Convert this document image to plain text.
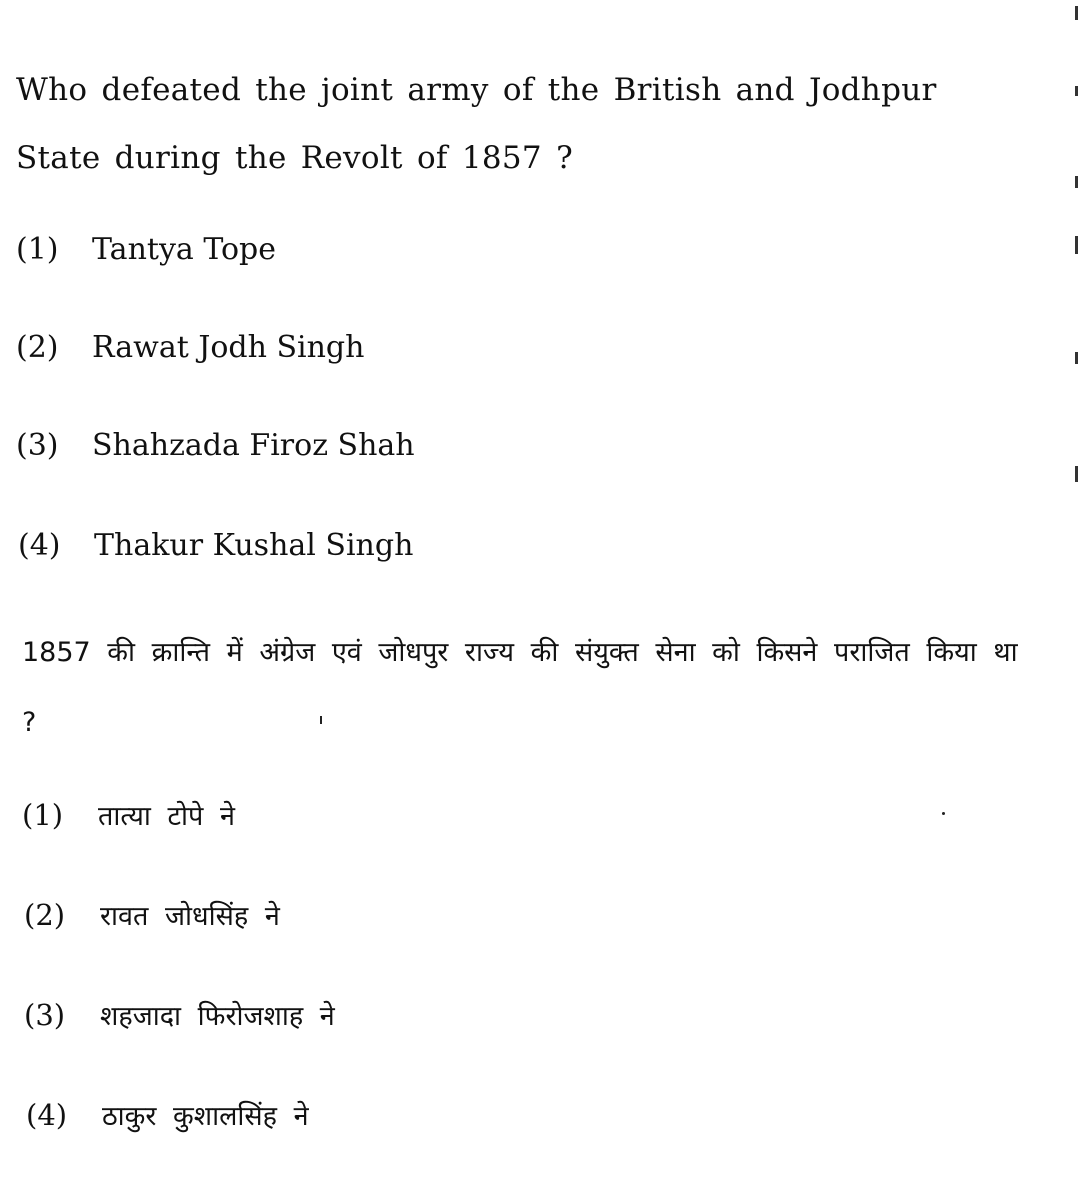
Who defeated the joint army of the British and Jodhpur State during the Revolt of 1857 ?

(1) Tantya Tope
(2) Rawat Jodh Singh
(3) Shahzada Firoz Shah
(4) Thakur Kushal Singh

1857 की क्रान्ति में अंग्रेज एवं जोधपुर राज्य की संयुक्त सेना को किसने पराजित किया था ?

(1) तात्या टोपे ने
(2) रावत जोधसिंह ने
(3) शहजादा फिरोजशाह ने
(4) ठाकुर कुशालसिंह ने
